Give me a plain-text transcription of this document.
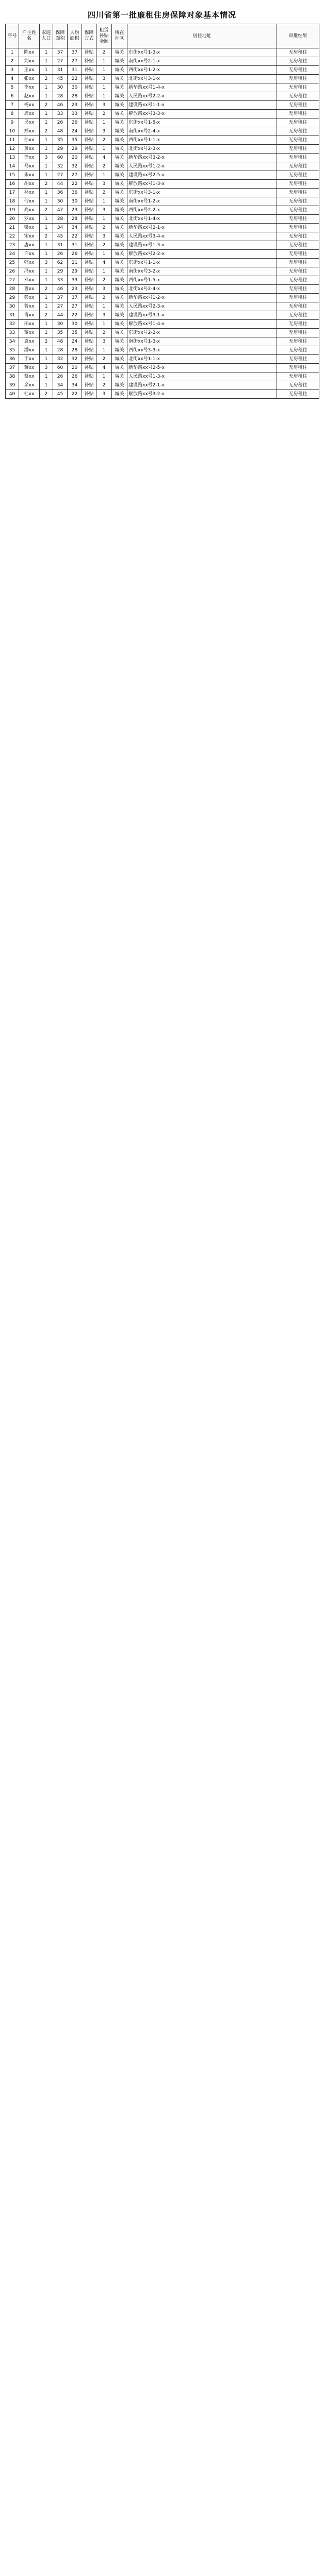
四川省第一批廉租住房保障对象基本情况
序号	户主姓名	家庭人口	保障面积	人均面积	保障方式	租赁补贴金额	所在社区	居住地址	审批结果
1	陈xx	1	37	37	补贴	2	城关	东街xx号1-3-x	无房租住
2	刘xx	1	27	27	补贴	1	城关	南街xx号2-1-x	无房租住
3	王xx	1	31	31	补贴	1	城关	西街xx号1-2-x	无房租住
4	张xx	2	45	22	补贴	3	城关	北街xx号3-1-x	无房租住
5	李xx	1	30	30	补贴	1	城关	新华路xx号1-4-x	无房租住
6	赵xx	1	28	28	补贴	1	城关	人民路xx号2-2-x	无房租住
7	杨xx	2	46	23	补贴	3	城关	建设路xx号1-1-x	无房租住
8	周xx	1	33	33	补贴	2	城关	解放路xx号3-3-x	无房租住
9	吴xx	1	26	26	补贴	1	城关	东街xx号1-5-x	无房租住
10	郑xx	2	48	24	补贴	3	城关	南街xx号2-4-x	无房租住
11	孙xx	1	35	35	补贴	2	城关	西街xx号1-1-x	无房租住
12	黄xx	1	29	29	补贴	1	城关	北街xx号2-3-x	无房租住
13	徐xx	3	60	20	补贴	4	城关	新华路xx号3-2-x	无房租住
14	马xx	1	32	32	补贴	2	城关	人民路xx号1-2-x	无房租住
15	朱xx	1	27	27	补贴	1	城关	建设路xx号2-5-x	无房租住
16	胡xx	2	44	22	补贴	3	城关	解放路xx号1-3-x	无房租住
17	林xx	1	36	36	补贴	2	城关	东街xx号3-1-x	无房租住
18	何xx	1	30	30	补贴	1	城关	南街xx号1-2-x	无房租住
19	高xx	2	47	23	补贴	3	城关	西街xx号2-2-x	无房租住
20	罗xx	1	28	28	补贴	1	城关	北街xx号1-4-x	无房租住
21	梁xx	1	34	34	补贴	2	城关	新华路xx号2-1-x	无房租住
22	宋xx	2	45	22	补贴	3	城关	人民路xx号3-4-x	无房租住
23	唐xx	1	31	31	补贴	2	城关	建设路xx号1-3-x	无房租住
24	许xx	1	26	26	补贴	1	城关	解放路xx号2-2-x	无房租住
25	韩xx	3	62	21	补贴	4	城关	东街xx号1-1-x	无房租住
26	冯xx	1	29	29	补贴	1	城关	南街xx号3-2-x	无房租住
27	邓xx	1	33	33	补贴	2	城关	西街xx号1-5-x	无房租住
28	曹xx	2	46	23	补贴	3	城关	北街xx号2-4-x	无房租住
29	彭xx	1	37	37	补贴	2	城关	新华路xx号1-2-x	无房租住
30	曾xx	1	27	27	补贴	1	城关	人民路xx号2-3-x	无房租住
31	肖xx	2	44	22	补贴	3	城关	建设路xx号3-1-x	无房租住
32	田xx	1	30	30	补贴	1	城关	解放路xx号1-4-x	无房租住
33	董xx	1	35	35	补贴	2	城关	东街xx号2-2-x	无房租住
34	袁xx	2	48	24	补贴	3	城关	南街xx号1-3-x	无房租住
35	潘xx	1	28	28	补贴	1	城关	西街xx号3-3-x	无房租住
36	于xx	1	32	32	补贴	2	城关	北街xx号1-1-x	无房租住
37	蒋xx	3	60	20	补贴	4	城关	新华路xx号2-5-x	无房租住
38	蔡xx	1	26	26	补贴	1	城关	人民路xx号1-3-x	无房租住
39	余xx	1	34	34	补贴	2	城关	建设路xx号2-1-x	无房租住
40	杜xx	2	45	22	补贴	3	城关	解放路xx号3-2-x	无房租住
